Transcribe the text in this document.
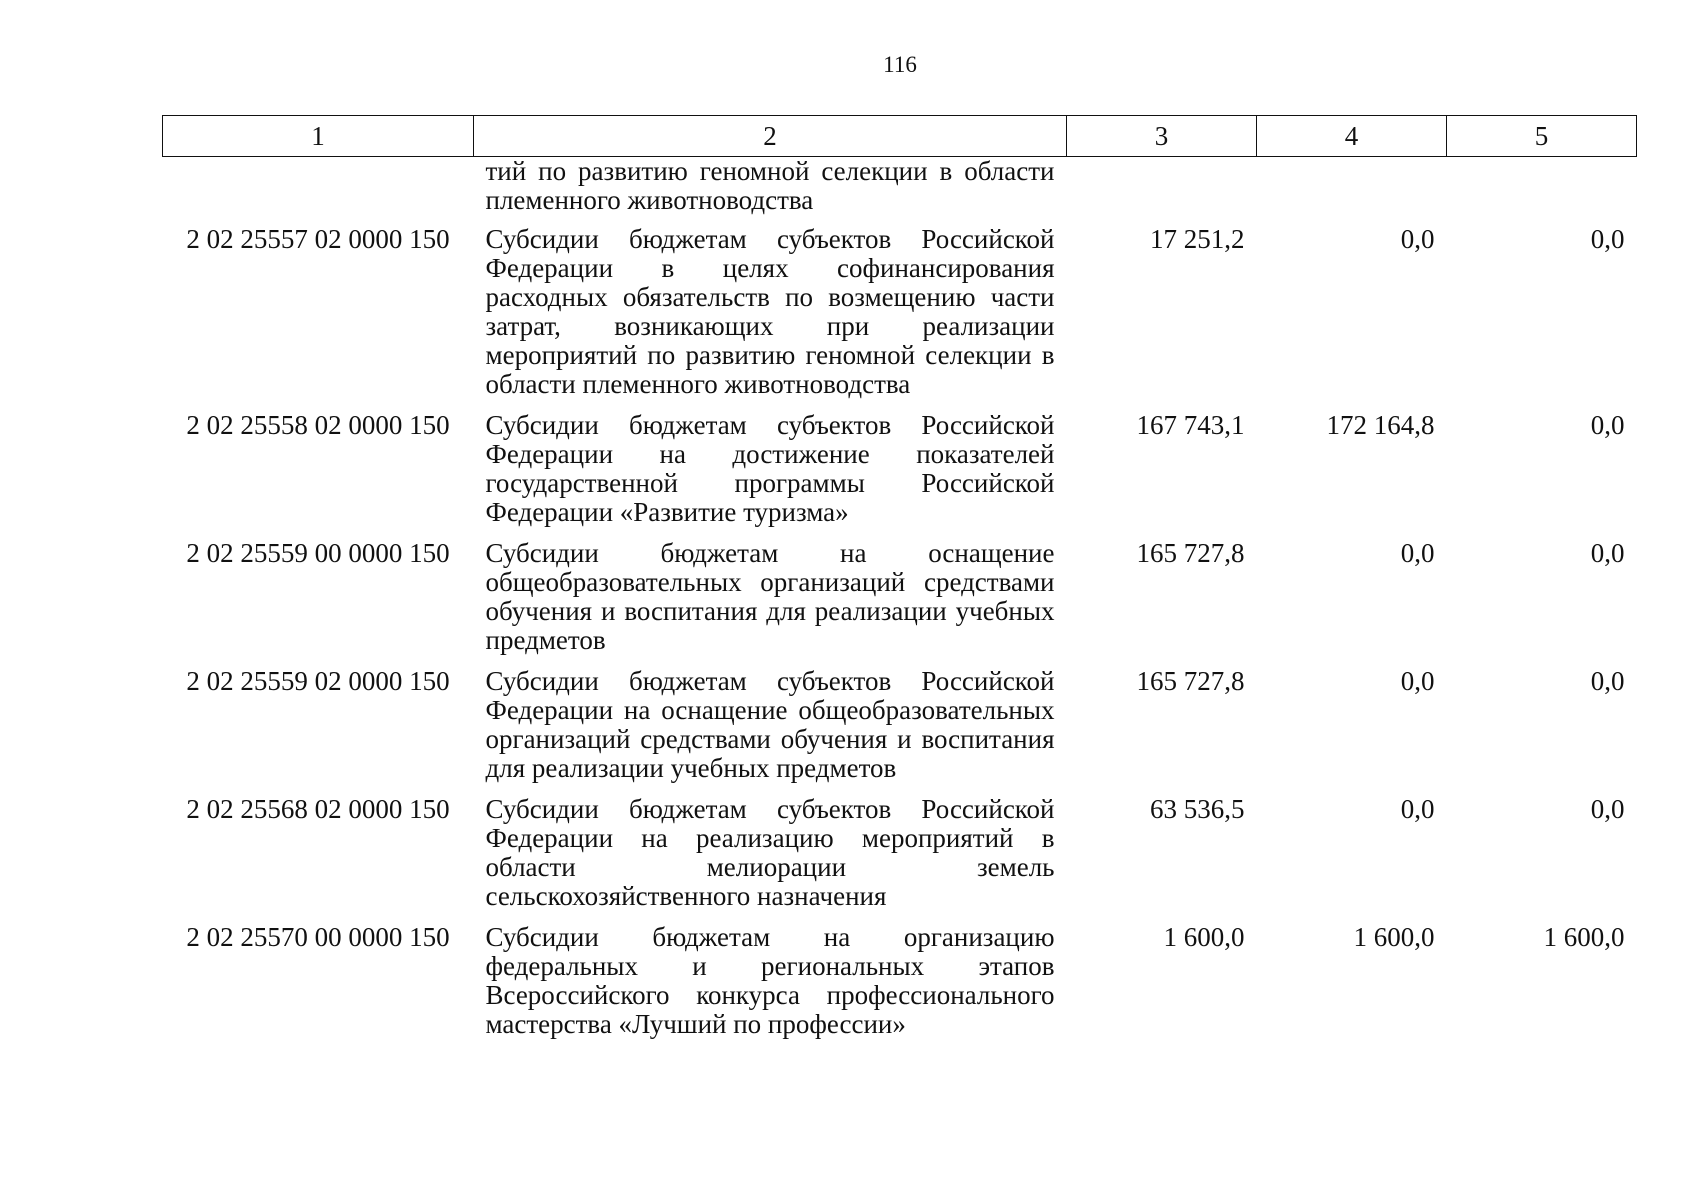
116
1	2	3	4	5
	тий по развитию геномной селекции в области племенного животноводства			
2 02 25557 02 0000 150	Субсидии бюджетам субъектов Российской Федерации в целях софинансирования расходных обязательств по возмещению части затрат, возникающих при реализации мероприятий по развитию геномной селекции в области племенного животноводства	17 251,2	0,0	0,0
2 02 25558 02 0000 150	Субсидии бюджетам субъектов Российской Федерации на достижение показателей государственной программы Российской Федерации «Развитие туризма»	167 743,1	172 164,8	0,0
2 02 25559 00 0000 150	Субсидии бюджетам на оснащение общеобразовательных организаций средствами обучения и воспитания для реализации учебных предметов	165 727,8	0,0	0,0
2 02 25559 02 0000 150	Субсидии бюджетам субъектов Российской Федерации на оснащение общеобразовательных организаций средствами обучения и воспитания для реализации учебных предметов	165 727,8	0,0	0,0
2 02 25568 02 0000 150	Субсидии бюджетам субъектов Российской Федерации на реализацию мероприятий в области мелиорации земель сельскохозяйственного назначения	63 536,5	0,0	0,0
2 02 25570 00 0000 150	Субсидии бюджетам на организацию федеральных и региональных этапов Всероссийского конкурса профессионального мастерства «Лучший по профессии»	1 600,0	1 600,0	1 600,0
